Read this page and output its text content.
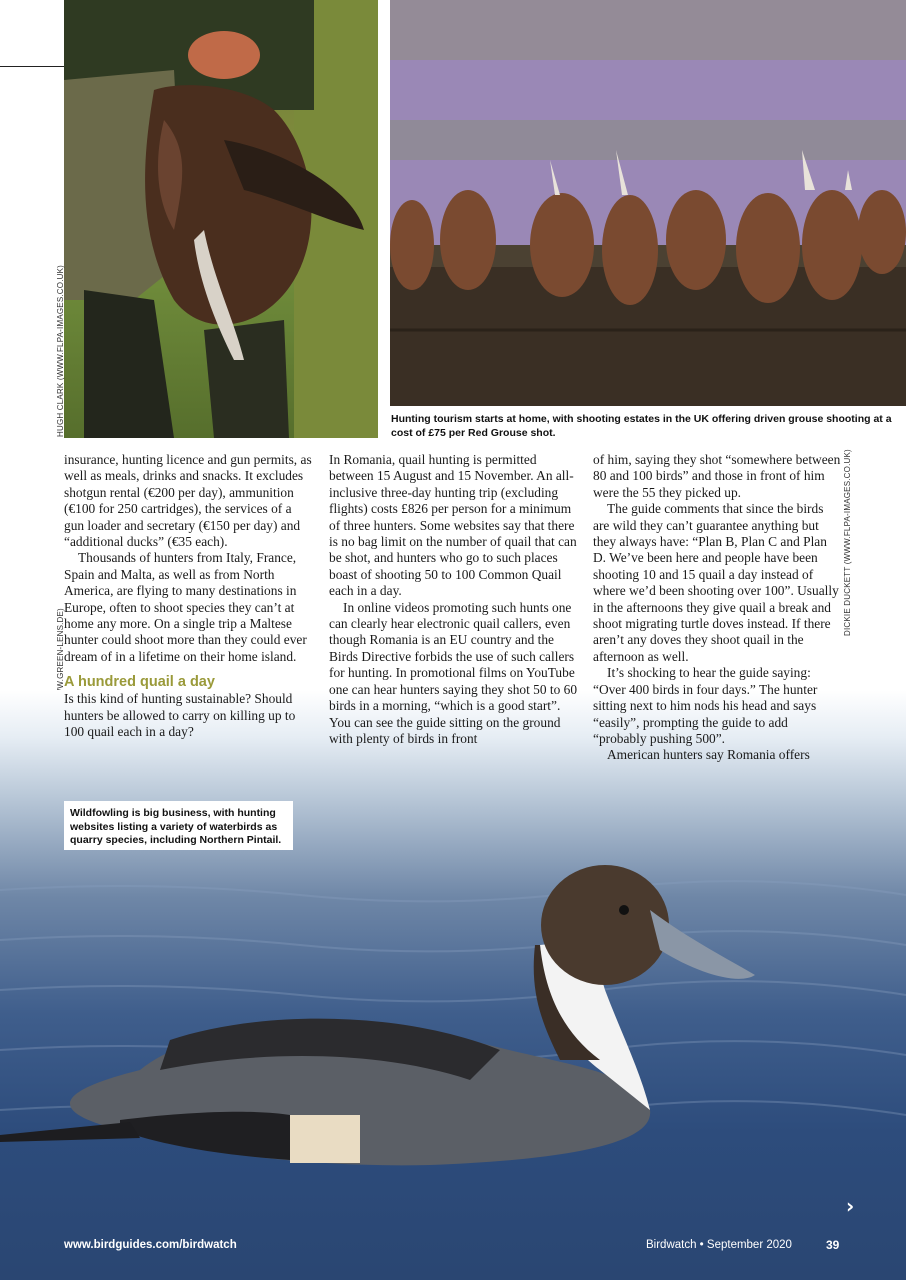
Hunting tourism starts at home, with shooting estates in the UK offering driven grouse shooting at a cost of £75 per Red Grouse shot.
HUGH CLARK (WWW.FLPA-IMAGES.CO.UK)
DICKIE DUCKETT (WWW.FLPA-IMAGES.CO.UK)

insurance, hunting licence and gun permits, as well as meals, drinks and snacks. It excludes shotgun rental (€200 per day), ammunition (€100 for 250 cartridges), the services of a gun loader and secretary (€150 per day) and “additional ducks” (€35 each).

Thousands of hunters from Italy, France, Spain and Malta, as well as from North America, are flying to many destinations in Europe, often to shoot species they can’t at home any more. On a single trip a Maltese hunter could shoot more than they could ever dream of in a lifetime on their home island.

A hundred quail a day

Is this kind of hunting sustainable? Should hunters be allowed to carry on killing up to 100 quail each in a day?

In Romania, quail hunting is permitted between 15 August and 15 November. An all-inclusive three-day hunting trip (excluding flights) costs £826 per person for a minimum of three hunters. Some websites say that there is no bag limit on the number of quail that can be shot, and hunters who go to such places boast of shooting 50 to 100 Common Quail each in a day.

In online videos promoting such hunts one can clearly hear electronic quail callers, even though Romania is an EU country and the Birds Directive forbids the use of such callers for hunting. In promotional films on YouTube one can hear hunters saying they shot 50 to 60 birds in a morning, “which is a good start”. You can see the guide sitting on the ground with plenty of birds in front

of him, saying they shot “somewhere between 80 and 100 birds” and those in front of him were the 55 they picked up.

The guide comments that since the birds are wild they can’t guarantee anything but they always have: “Plan B, Plan C and Plan D. We’ve been here and people have been shooting 10 and 15 quail a day instead of where we’d been shooting over 100”. Usually in the afternoons they give quail a break and shoot migrating turtle doves instead. If there aren’t any doves they shoot quail in the afternoon as well.

It’s shocking to hear the guide saying: “Over 400 birds in four days.” The hunter sitting next to him nods his head and says “easily”, prompting the guide to add “probably pushing 500”.

American hunters say Romania offers

Wildfowling is big business, with hunting websites listing a variety of waterbirds as quarry species, including Northern Pintail.
›
www.birdguides.com/birdwatch	Birdwatch • September 2020	39
